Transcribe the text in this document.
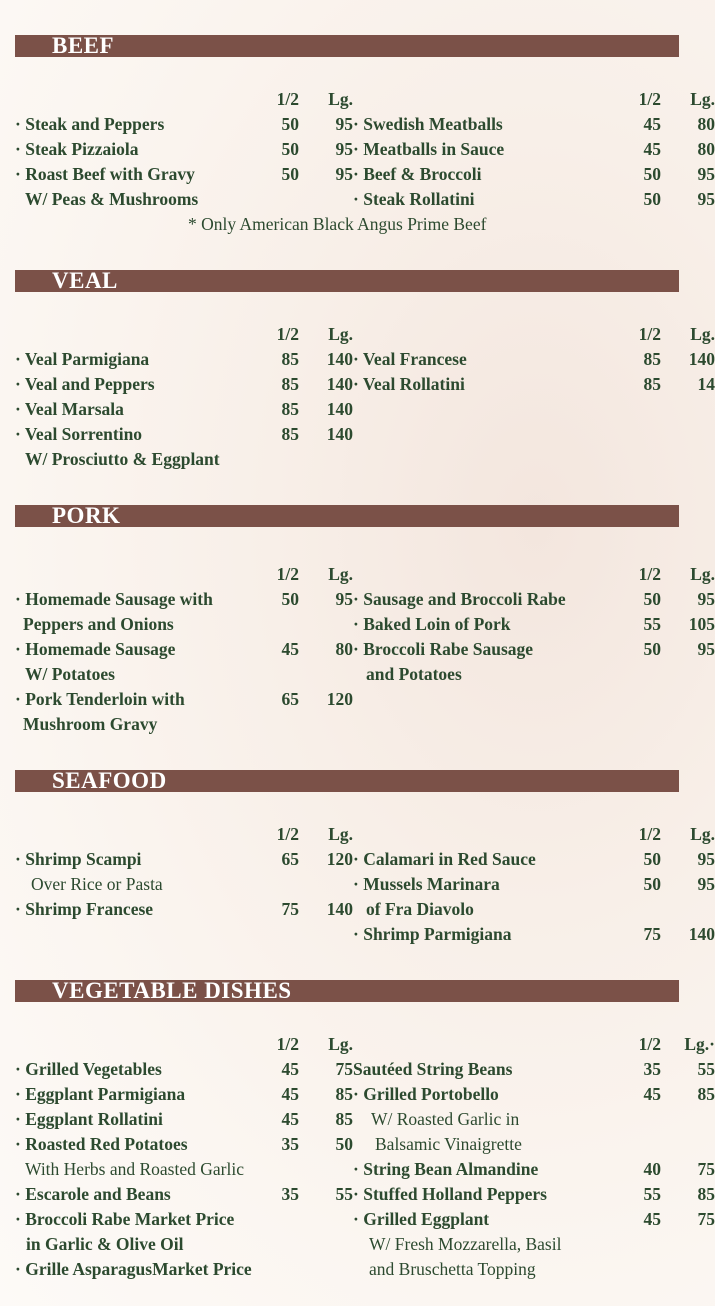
BEEF
1/2	Lg.	1/2	Lg.
· Steak and Peppers	50	95
· Steak Pizzaiola	50	95
· Roast Beef with Gravy	50	95
W/ Peas & Mushrooms
· Swedish Meatballs	45	80
· Meatballs in Sauce	45	80
· Beef & Broccoli	50	95
· Steak Rollatini	50	95
* Only American Black Angus Prime Beef
VEAL
1/2	Lg.	1/2	Lg.
· Veal Parmigiana	85	140
· Veal and Peppers	85	140
· Veal Marsala	85	140
· Veal Sorrentino	85	140
W/ Prosciutto & Eggplant
· Veal Francese	85	140
· Veal Rollatini	85	14
PORK
1/2	Lg.	1/2	Lg.
· Homemade Sausage with	50	95
Peppers and Onions
· Homemade Sausage	45	80
W/ Potatoes
· Pork Tenderloin with	65	120
Mushroom Gravy
· Sausage and Broccoli Rabe	50	95
· Baked Loin of Pork	55	105
· Broccoli Rabe Sausage	50	95
and Potatoes
SEAFOOD
1/2	Lg.	1/2	Lg.
· Shrimp Scampi	65	120
Over Rice or Pasta
· Shrimp Francese	75	140
· Calamari in Red Sauce	50	95
· Mussels Marinara	50	95
of Fra Diavolo
· Shrimp Parmigiana	75	140
VEGETABLE DISHES
1/2	Lg.	1/2	Lg.·
· Grilled Vegetables	45	75
· Eggplant Parmigiana	45	85
· Eggplant Rollatini	45	85
· Roasted Red Potatoes	35	50
With Herbs and Roasted Garlic
· Escarole and Beans	35	55
· Broccoli Rabe Market Price
in Garlic & Olive Oil
· Grille AsparagusMarket Price
Sautéed String Beans	35	55
· Grilled Portobello	45	85
W/ Roasted Garlic in
Balsamic Vinaigrette
· String Bean Almandine	40	75
· Stuffed Holland Peppers	55	85
· Grilled Eggplant	45	75
W/ Fresh Mozzarella, Basil
and Bruschetta Topping
